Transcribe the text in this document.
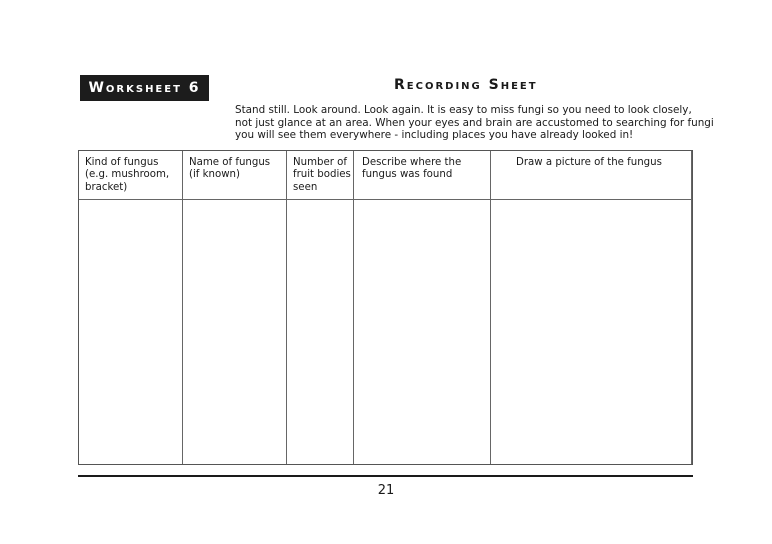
Worksheet 6	Recording Sheet
Stand still. Look around. Look again. It is easy to miss fungi so you need to look closely,
not just glance at an area. When your eyes and brain are accustomed to searching for fungi
you will see them everywhere - including places you have already looked in!
Kind of fungus
(e.g. mushroom,
bracket)
Name of fungus
(if known)
Number of
fruit bodies
seen
Describe where the
fungus was found
Draw a picture of the fungus
21
